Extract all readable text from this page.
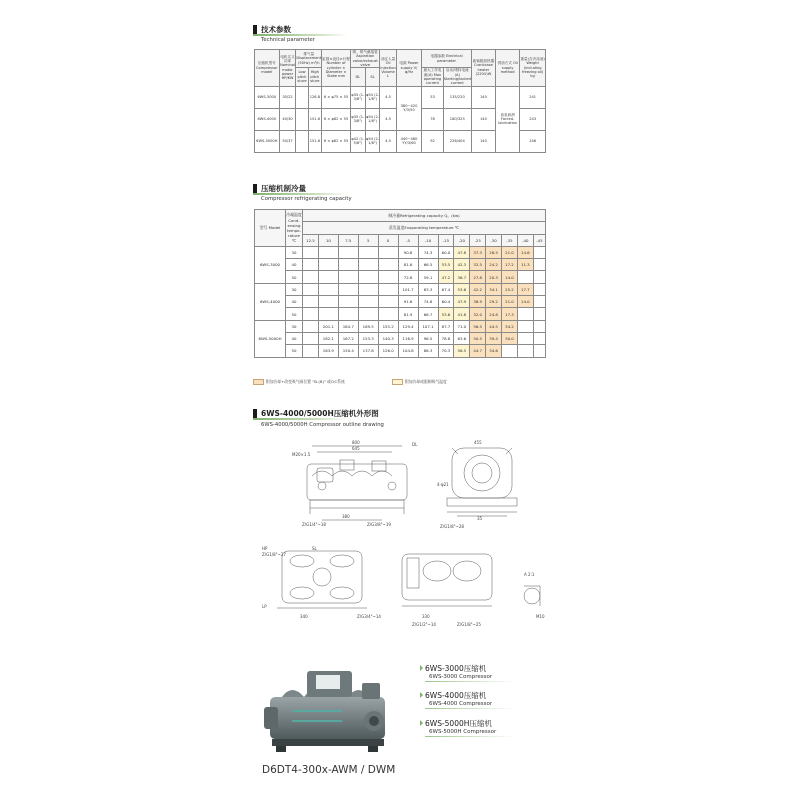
技术参数
Technical parameter
压缩机型号 Compressor model	电机名义功率 Nominal motor power HP/KW	排气量 Displacement (50Hz) m³/h		缸数×直径×行程 Number of cylinder × Diameter × Stoke mm	吸、排气截接管 Aspiration valve/exhaust valve		油注入量 Oil injection Volume L	电源 Power supply V/φ/Hz	电器参数 Electrical parameter		曲轴箱加热器 Crankcase heater (220V)W	供油方式 Oil supply method	重量(含冷冻油) Weight (including freezing oil) kg
		Low pitch sture	High pitch sture		DL	SL			最大工作电流(A) Max operating current	启动/堵转电流(A) Starting/locked current			
6WS-3000	30/22		126.8	6 × φ75 × 55	φ35 (1-3/8")	φ54 (2-1/8")	4.5	380~420 Y/3/50	53	135/220	140	油泵润滑 Forced-lubrication	241
6WS-4000	40/30		151.6	6 × φ82 × 55	φ35 (1-3/8")	φ54 (2-1/8")	4.5		78	180/325	140		243
6WS-5000H	50/37		151.6	6 × φ82 × 55	φ42 (1-5/8")	φ54 (2-1/8")	4.5	440~480 YY/3/60	92	226/404	140		246
压缩机制冷量
Compressor refrigerating capacity
型号 Model	冷凝温度 Cond-ensing tempe-rature ℃	制冷量Refrigerating capacity Q。(kw)													
		蒸发温度Evaporating temperature ℃													
		12.5	10	7.5	5	0	-5	-10	-15	-20	-25	-30	-35	-40	-45
6WS-3000	30						90.8	74.3	60.0	47.8	37.3	28.5	21.0	14.6	
	40						81.6	66.5	53.5	42.3	32.5	24.2	17.2	11.3	
	50						72.8	59.1	47.2	36.7	27.8	20.3	14.0		
6WS-4000	30						101.7	83.3	67.4	53.6	42.2	34.1	25.2	17.7	
	40						91.6	74.8	60.4	47.9	36.9	29.2	21.0	14.0	
	50						81.9	66.7	53.6	41.8	32.0	24.8	17.3		
6WS-5000H	30		201.1	184.7	169.5	155.2	129.4	107.1	87.7	71.0	56.5	44.5	34.2		
	40		182.1	167.2	153.3	140.3	116.9	96.5	78.8	63.6	50.5	39.4	30.0		
	50		163.9	150.4	137.8	126.0	104.8	86.3	70.3	56.5	44.7	34.6			
附加冷却+改变吸气阀位置 "SL(B)" 或CIC系统	附加冷却或限制吸气温度
6WS-4000/5000H压缩机外形图
6WS-4000/5000H Compressor outline drawing
800
645
380
M20×1.5
Z/G1/4"~18	Z/G3/8"~19
DL	455
4-φ21
35
Z/G1/8"~28
HP	SL
Z/G1/8"~27
LP
340	330
Z/G1/2"~14	Z/G1/8"~25
A 2:1
M10
Z/G3/4"~14
6WS-3000压缩机
6WS-3000 Compressor
6WS-4000压缩机
6WS-4000 Compressor
6WS-5000H压缩机
6WS-5000H Compressor
D6DT4-300x-AWM / DWM
